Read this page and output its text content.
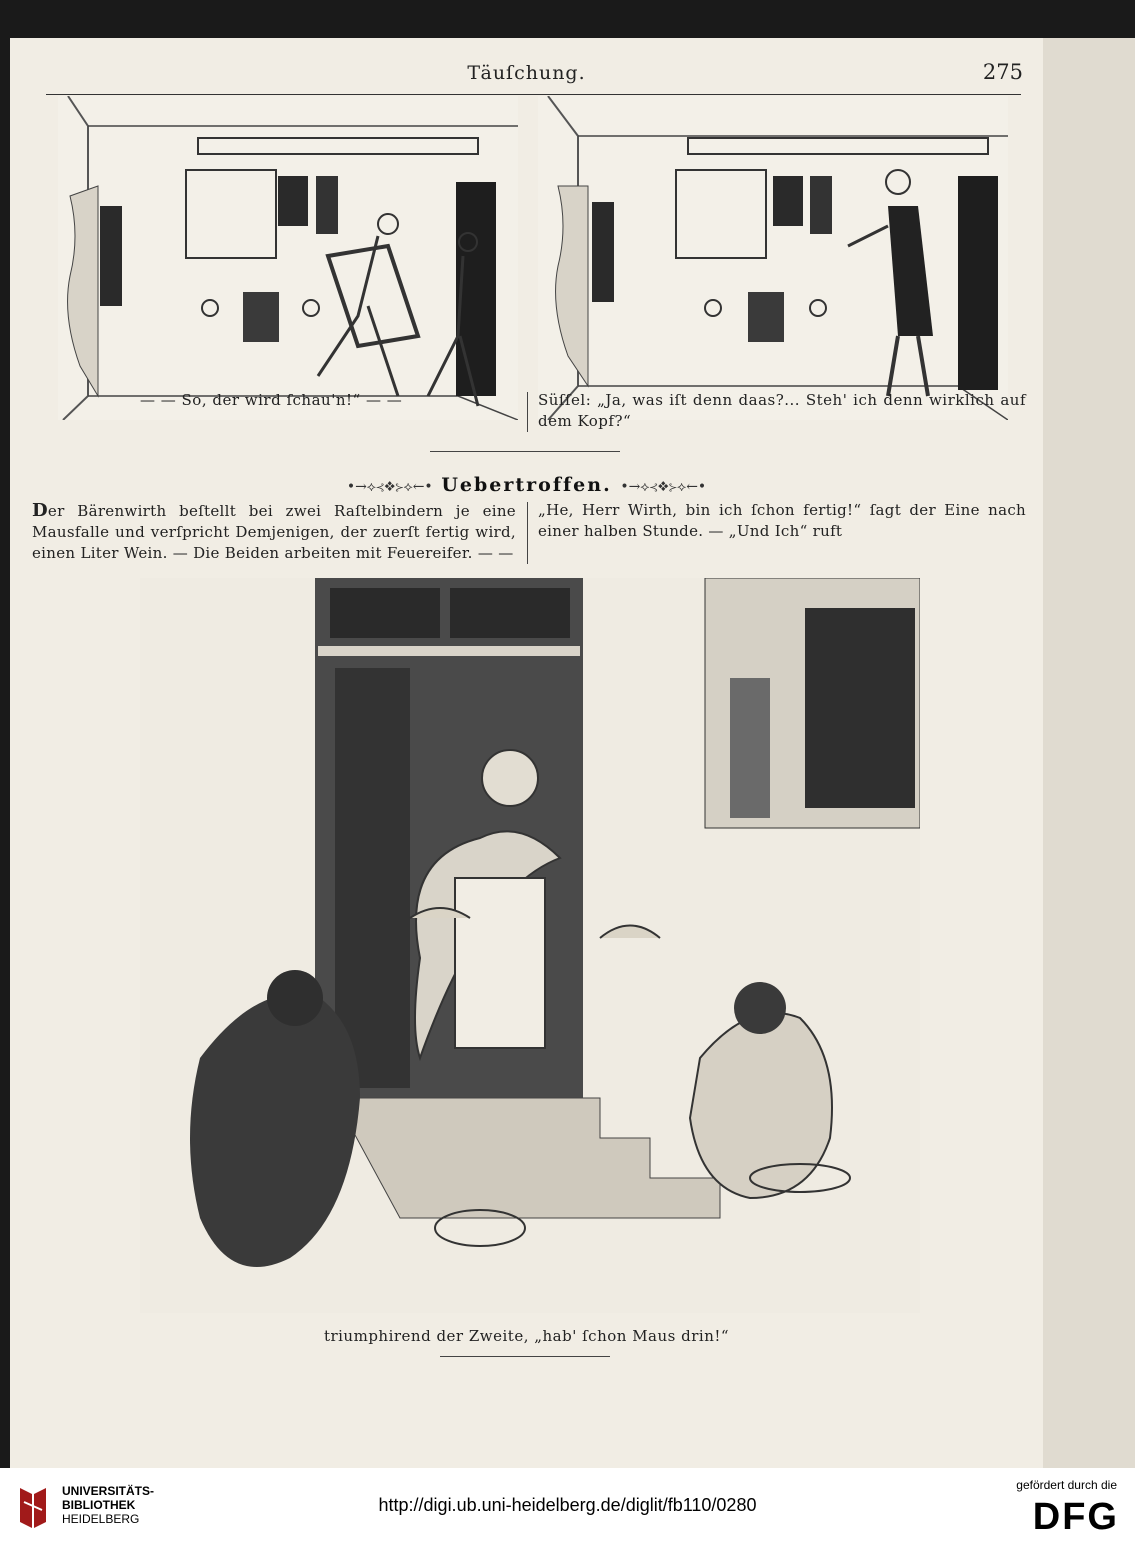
Täuſchung.	275
— — So, der wird ſchau'n!“ — —	Süſſel: „Ja, was iſt denn daas?... Steh' ich denn wirklich auf dem Kopf?“
•→⟡⊰❖⊱⟡←• Uebertroffen. •→⟡⊰❖⊱⟡←•
Der Bärenwirth beſtellt bei zwei Raſtelbindern je eine Mausfalle und verſpricht Demjenigen, der zuerſt fertig wird, einen Liter Wein. — Die Beiden arbeiten mit Feuereifer. — —
„He, Herr Wirth, bin ich ſchon fertig!“ ſagt der Eine nach einer halben Stunde. — „Und Ich“ ruft
triumphirend der Zweite, „hab' ſchon Maus drin!“
UNIVERSITÄTS-
BIBLIOTHEK
HEIDELBERG
http://digi.ub.uni-heidelberg.de/diglit/fb110/0280
gefördert durch die
DFG
